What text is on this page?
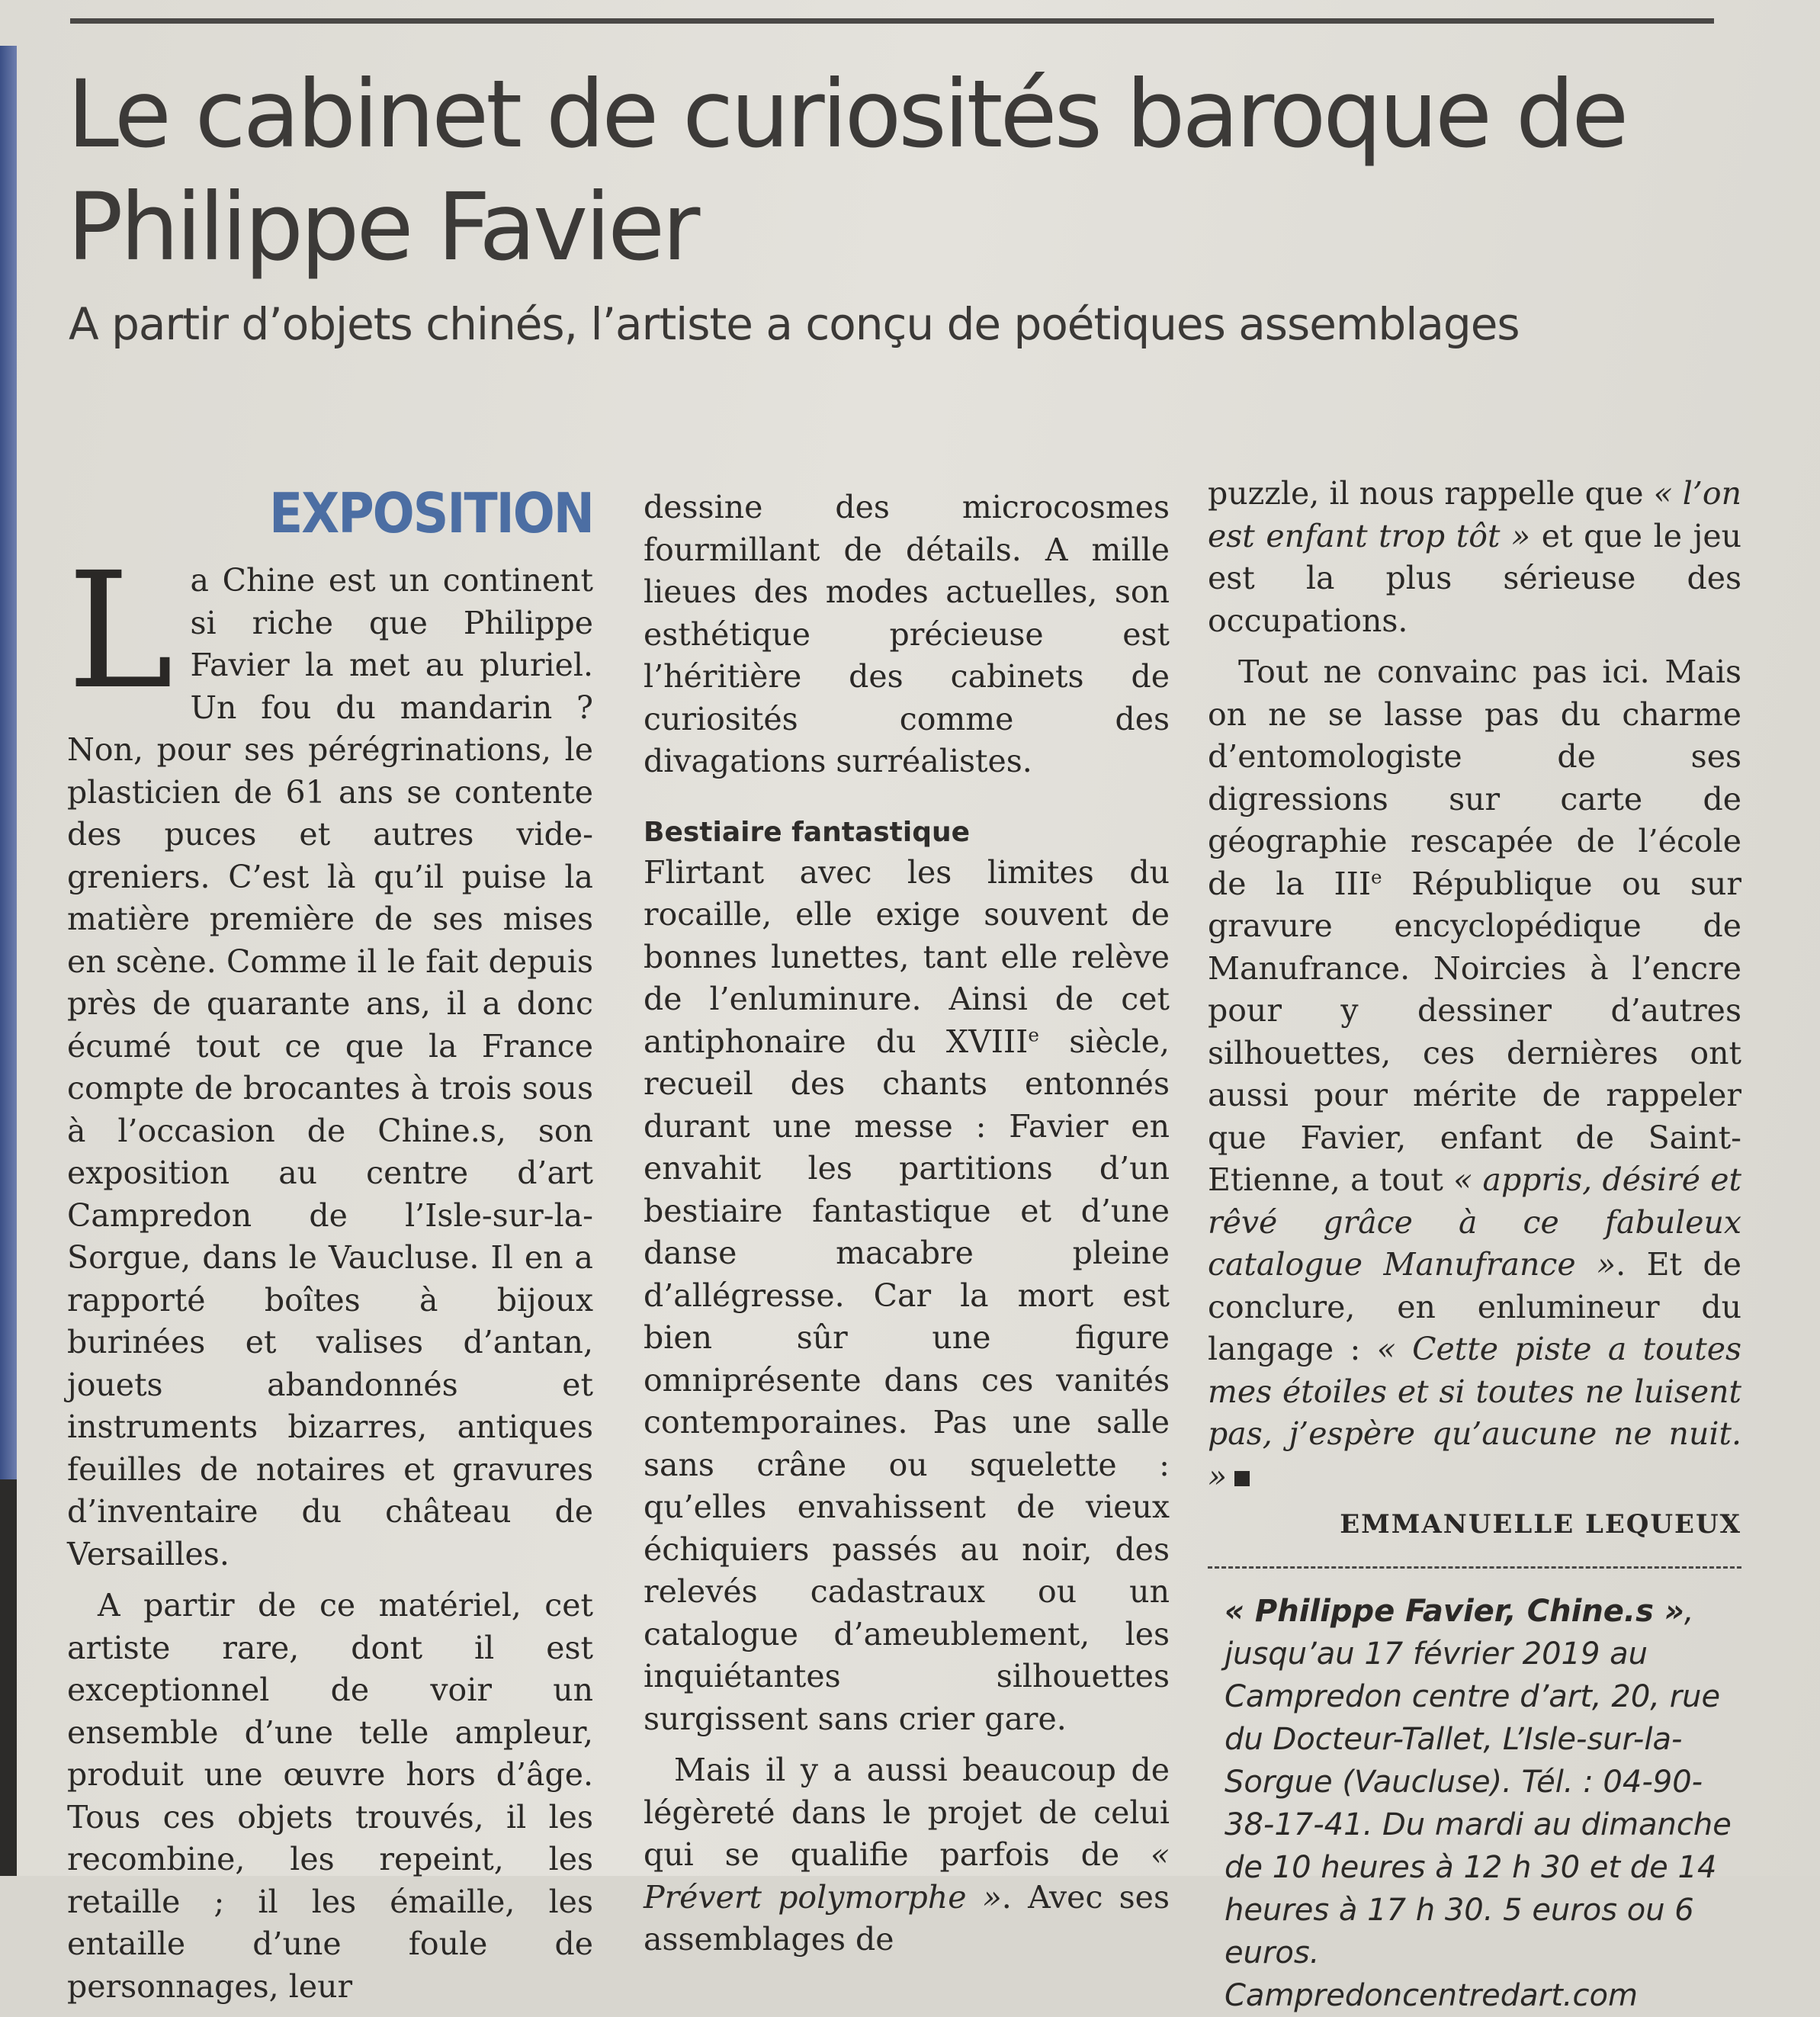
Le cabinet de curiosités baroque de Philippe Favier

A partir d’objets chinés, l’artiste a conçu de poétiques assemblages

EXPOSITION

La Chine est un continent si riche que Philippe Favier la met au pluriel. Un fou du mandarin ? Non, pour ses pérégrinations, le plasticien de 61 ans se contente des puces et autres vide-greniers. C’est là qu’il puise la matière première de ses mises en scène. Comme il le fait depuis près de quarante ans, il a donc écumé tout ce que la France compte de brocantes à trois sous à l’occasion de Chine.s, son exposition au centre d’art Campredon de l’Isle-sur-la-Sorgue, dans le Vaucluse. Il en a rapporté boîtes à bijoux burinées et valises d’antan, jouets abandonnés et instruments bizarres, antiques feuilles de notaires et gravures d’inventaire du château de Versailles.

A partir de ce matériel, cet artiste rare, dont il est exceptionnel de voir un ensemble d’une telle ampleur, produit une œuvre hors d’âge. Tous ces objets trouvés, il les recombine, les repeint, les retaille ; il les émaille, les entaille d’une foule de personnages, leur

dessine des microcosmes fourmillant de détails. A mille lieues des modes actuelles, son esthétique précieuse est l’héritière des cabinets de curiosités comme des divagations surréalistes.

Bestiaire fantastique

Flirtant avec les limites du rocaille, elle exige souvent de bonnes lunettes, tant elle relève de l’enluminure. Ainsi de cet antiphonaire du XVIIIe siècle, recueil des chants entonnés durant une messe : Favier en envahit les partitions d’un bestiaire fantastique et d’une danse macabre pleine d’allégresse. Car la mort est bien sûr une figure omniprésente dans ces vanités contemporaines. Pas une salle sans crâne ou squelette : qu’elles envahissent de vieux échiquiers passés au noir, des relevés cadastraux ou un catalogue d’ameublement, les inquiétantes silhouettes surgissent sans crier gare.

Mais il y a aussi beaucoup de légèreté dans le projet de celui qui se qualifie parfois de « Prévert polymorphe ». Avec ses assemblages de

puzzle, il nous rappelle que « l’on est enfant trop tôt » et que le jeu est la plus sérieuse des occupations.

Tout ne convainc pas ici. Mais on ne se lasse pas du charme d’entomologiste de ses digressions sur carte de géographie rescapée de l’école de la IIIe République ou sur gravure encyclopédique de Manufrance. Noircies à l’encre pour y dessiner d’autres silhouettes, ces dernières ont aussi pour mérite de rappeler que Favier, enfant de Saint-Etienne, a tout « appris, désiré et rêvé grâce à ce fabuleux catalogue Manufrance ». Et de conclure, en enlumineur du langage : « Cette piste a toutes mes étoiles et si toutes ne luisent pas, j’espère qu’aucune ne nuit. »

EMMANUELLE LEQUEUX

« Philippe Favier, Chine.s », jusqu’au 17 février 2019 au Campredon centre d’art, 20, rue du Docteur-Tallet, L’Isle-sur-la-Sorgue (Vaucluse). Tél. : 04-90-38-17-41. Du mardi au dimanche de 10 heures à 12 h 30 et de 14 heures à 17 h 30. 5 euros ou 6 euros. Campredoncentredart.com
